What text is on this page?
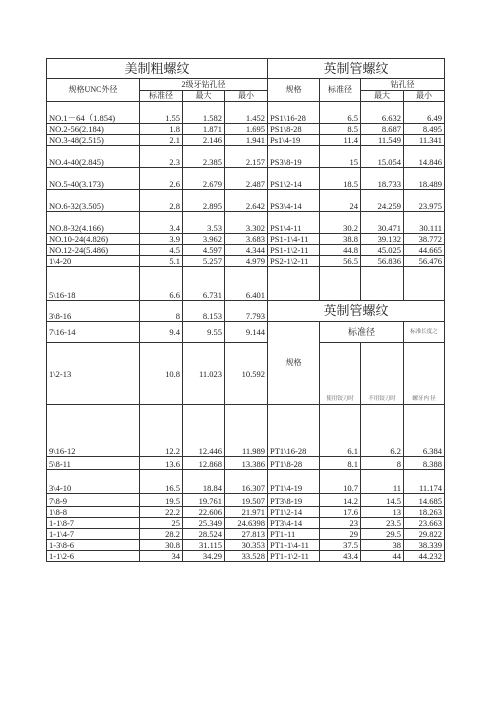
美制粗螺纹				英制管螺纹			
规格UNC外径	2级牙钻孔径			规格	标准径	钻孔径	
	标准径	最大	最小			最大	最小
NO.1－64（1.854)	1.55	1.582	1.452	PS1\16-28	6.5	6.632	6.49
NO.2-56(2.184)	1.8	1.871	1.695	PS1\8-28	8.5	8.687	8.495
NO.3-48(2.515)	2.1	2.146	1.941	Ps1\4-19	11.4	11.549	11.341
NO.4-40(2.845)	2.3	2.385	2.157	PS3\8-19	15	15.054	14.846
NO.5-40(3.173)	2.6	2.679	2.487	PS1\2-14	18.5	18.733	18.489
NO.6-32(3.505)	2.8	2.895	2.642	PS3\4-14	24	24.259	23.975
NO.8-32(4.166)	3.4	3.53	3.302	PS1\4-11	30.2	30.471	30.111
NO.10-24(4.826)	3.9	3.962	3.683	PS1-1\4-11	38.8	39.132	38.772
NO.12-24(5.486)	4.5	4.597	4.344	PS1-1\2-11	44.8	45.025	44.665
1\4-20	5.1	5.257	4.979	PS2-1\2-11	56.5	56.836	56.476
5\16-18	6.6	6.731	6.401				
3\8-16	8	8.153	7.793	英制管螺纹			
7\16-14	9.4	9.55	9.144	规格	标准径		标准长度之
1\2-13	10.8	11.023	10.592		使用铰刀时	不用铰刀时	螺牙内 径
9\16-12	12.2	12.446	11.989	PT1\16-28	6.1	6.2	6.384
5\8-11	13.6	12.868	13.386	PT1\8-28	8.1	8	8.388
3\4-10	16.5	18.84	16.307	PT1\4-19	10.7	11	11.174
7\8-9	19.5	19.761	19.507	PT3\8-19	14.2	14.5	14.685
1\8-8	22.2	22.606	21.971	PT1\2-14	17.6	13	18.263
1-1\8-7	25	25.349	24.6398	PT3\4-14	23	23.5	23.663
1-1\4-7	28.2	28.524	27.813	PT1-11	29	29.5	29.822
1-3\8-6	30.8	31.115	30.353	PT1-1\4-11	37.5	38	38.339
1-1\2-6	34	34.29	33.528	PT1-1\2-11	43.4	44	44.232
